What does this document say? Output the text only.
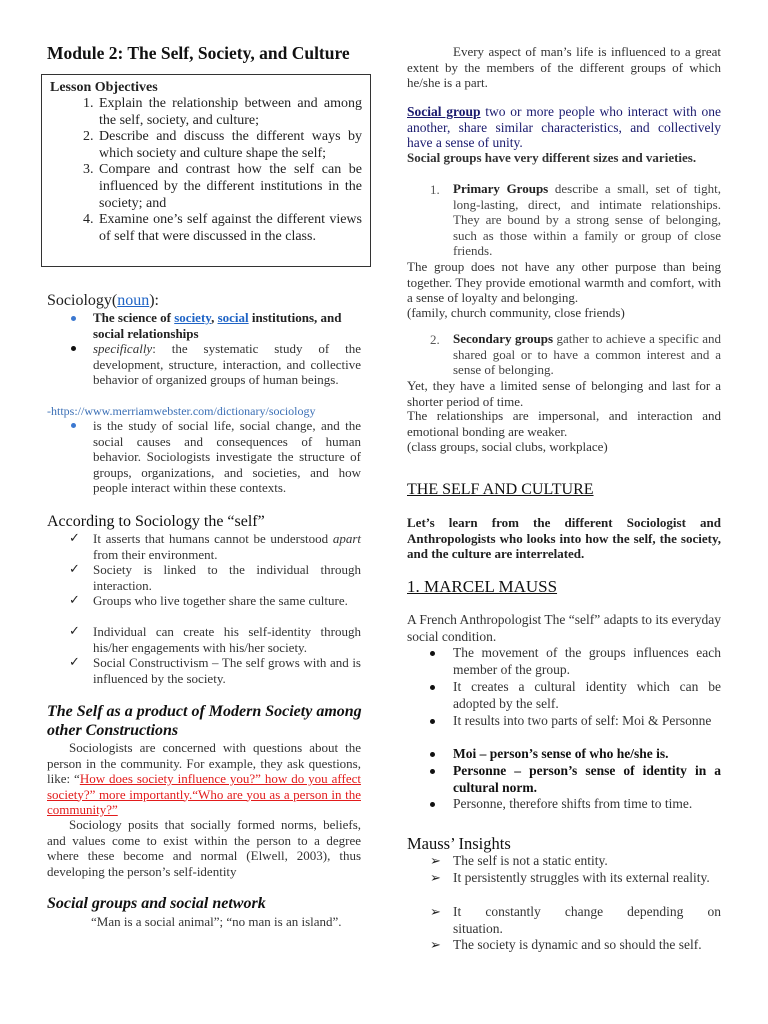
Module 2: The Self, Society, and Culture
Lesson Objectives
1. Explain the relationship between and among the self, society, and culture;
2. Describe and discuss the different ways by which society and culture shape the self;
3. Compare and contrast how the self can be influenced by the different institutions in the society; and
4. Examine one’s self against the different views of self that were discussed in the class.
Sociology(noun):
The science of society, social institutions, and social relationships
specifically: the systematic study of the development, structure, interaction, and collective behavior of organized groups of human beings.
-https://www.merriamwebster.com/dictionary/sociology
is the study of social life, social change, and the social causes and consequences of human behavior. Sociologists investigate the structure of groups, organizations, and societies, and how people interact within these contexts.
According to Sociology the “self”
✓ It asserts that humans cannot be understood apart from their environment.
✓ Society is linked to the individual through interaction.
✓ Groups who live together share the same culture.
✓ Individual can create his self-identity through his/her engagements with his/her society.
✓ Social Constructivism – The self grows with and is influenced by the society.
The Self as a product of Modern Society among other Constructions
Sociologists are concerned with questions about the person in the community. For example, they ask questions, like: “How does society influence you?” how do you affect society?” more importantly.“Who are you as a person in the community?”
Sociology posits that socially formed norms, beliefs, and values come to exist within the person to a degree where these become and normal (Elwell, 2003), thus developing the person’s self-identity
Social groups and social network
“Man is a social animal”; “no man is an island”.
Every aspect of man’s life is influenced to a great extent by the members of the different groups of which he/she is a part.
Social group two or more people who interact with one another, share similar characteristics, and collectively have a sense of unity.
Social groups have very different sizes and varieties.
1. Primary Groups describe a small, set of tight, long-lasting, direct, and intimate relationships. They are bound by a strong sense of belonging, such as those within a family or group of close friends.
The group does not have any other purpose than being together. They provide emotional warmth and comfort, with a sense of loyalty and belonging.
(family, church community, close friends)
2. Secondary groups gather to achieve a specific and shared goal or to have a common interest and a sense of belonging.
Yet, they have a limited sense of belonging and last for a shorter period of time.
The relationships are impersonal, and interaction and emotional bonding are weaker.
(class groups, social clubs, workplace)
THE SELF AND CULTURE
Let’s learn from the different Sociologist and Anthropologists who looks into how the self, the society, and the culture are interrelated.
1. MARCEL MAUSS
A French Anthropologist The “self” adapts to its everyday social condition.
The movement of the groups influences each member of the group.
It creates a cultural identity which can be adopted by the self.
It results into two parts of self: Moi & Personne
Moi – person’s sense of who he/she is.
Personne – person’s sense of identity in a cultural norm.
Personne, therefore shifts from time to time.
Mauss’ Insights
➢ The self is not a static entity.
➢ It persistently struggles with its external reality.
➢ It constantly change depending on situation.
➢ The society is dynamic and so should the self.
